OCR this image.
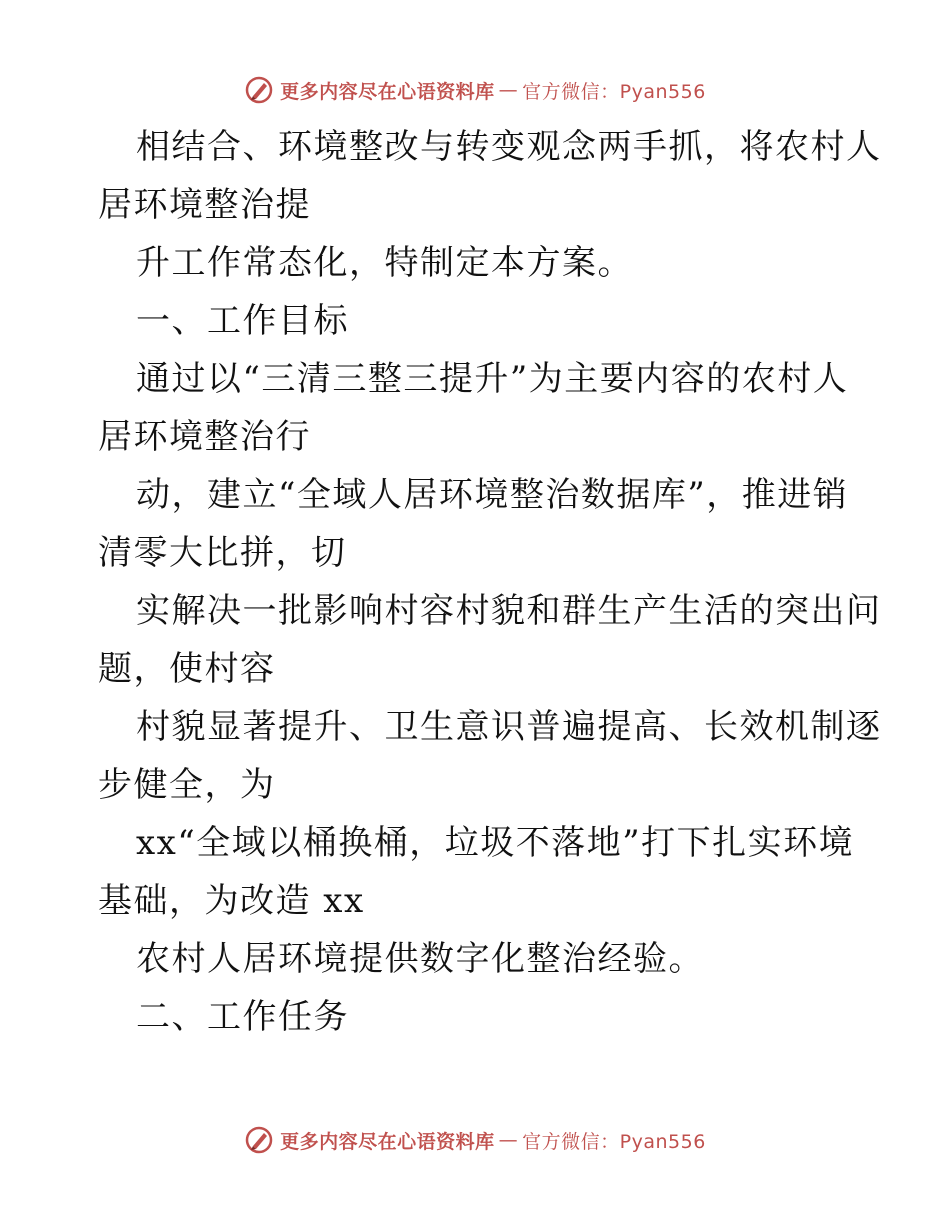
更多内容尽在心语资料库 — 官方微信：Pyan556
相结合、环境整改与转变观念两手抓，将农村人
居环境整治提
升工作常态化，特制定本方案。
一、工作目标
通过以“三清三整三提升”为主要内容的农村人
居环境整治行
动，建立“全域人居环境整治数据库”，推进销
清零大比拼，切
实解决一批影响村容村貌和群生产生活的突出问
题，使村容
村貌显著提升、卫生意识普遍提高、长效机制逐
步健全，为
xx“全域以桶换桶，垃圾不落地”打下扎实环境
基础，为改造 xx
农村人居环境提供数字化整治经验。
二、工作任务
更多内容尽在心语资料库 — 官方微信：Pyan556
